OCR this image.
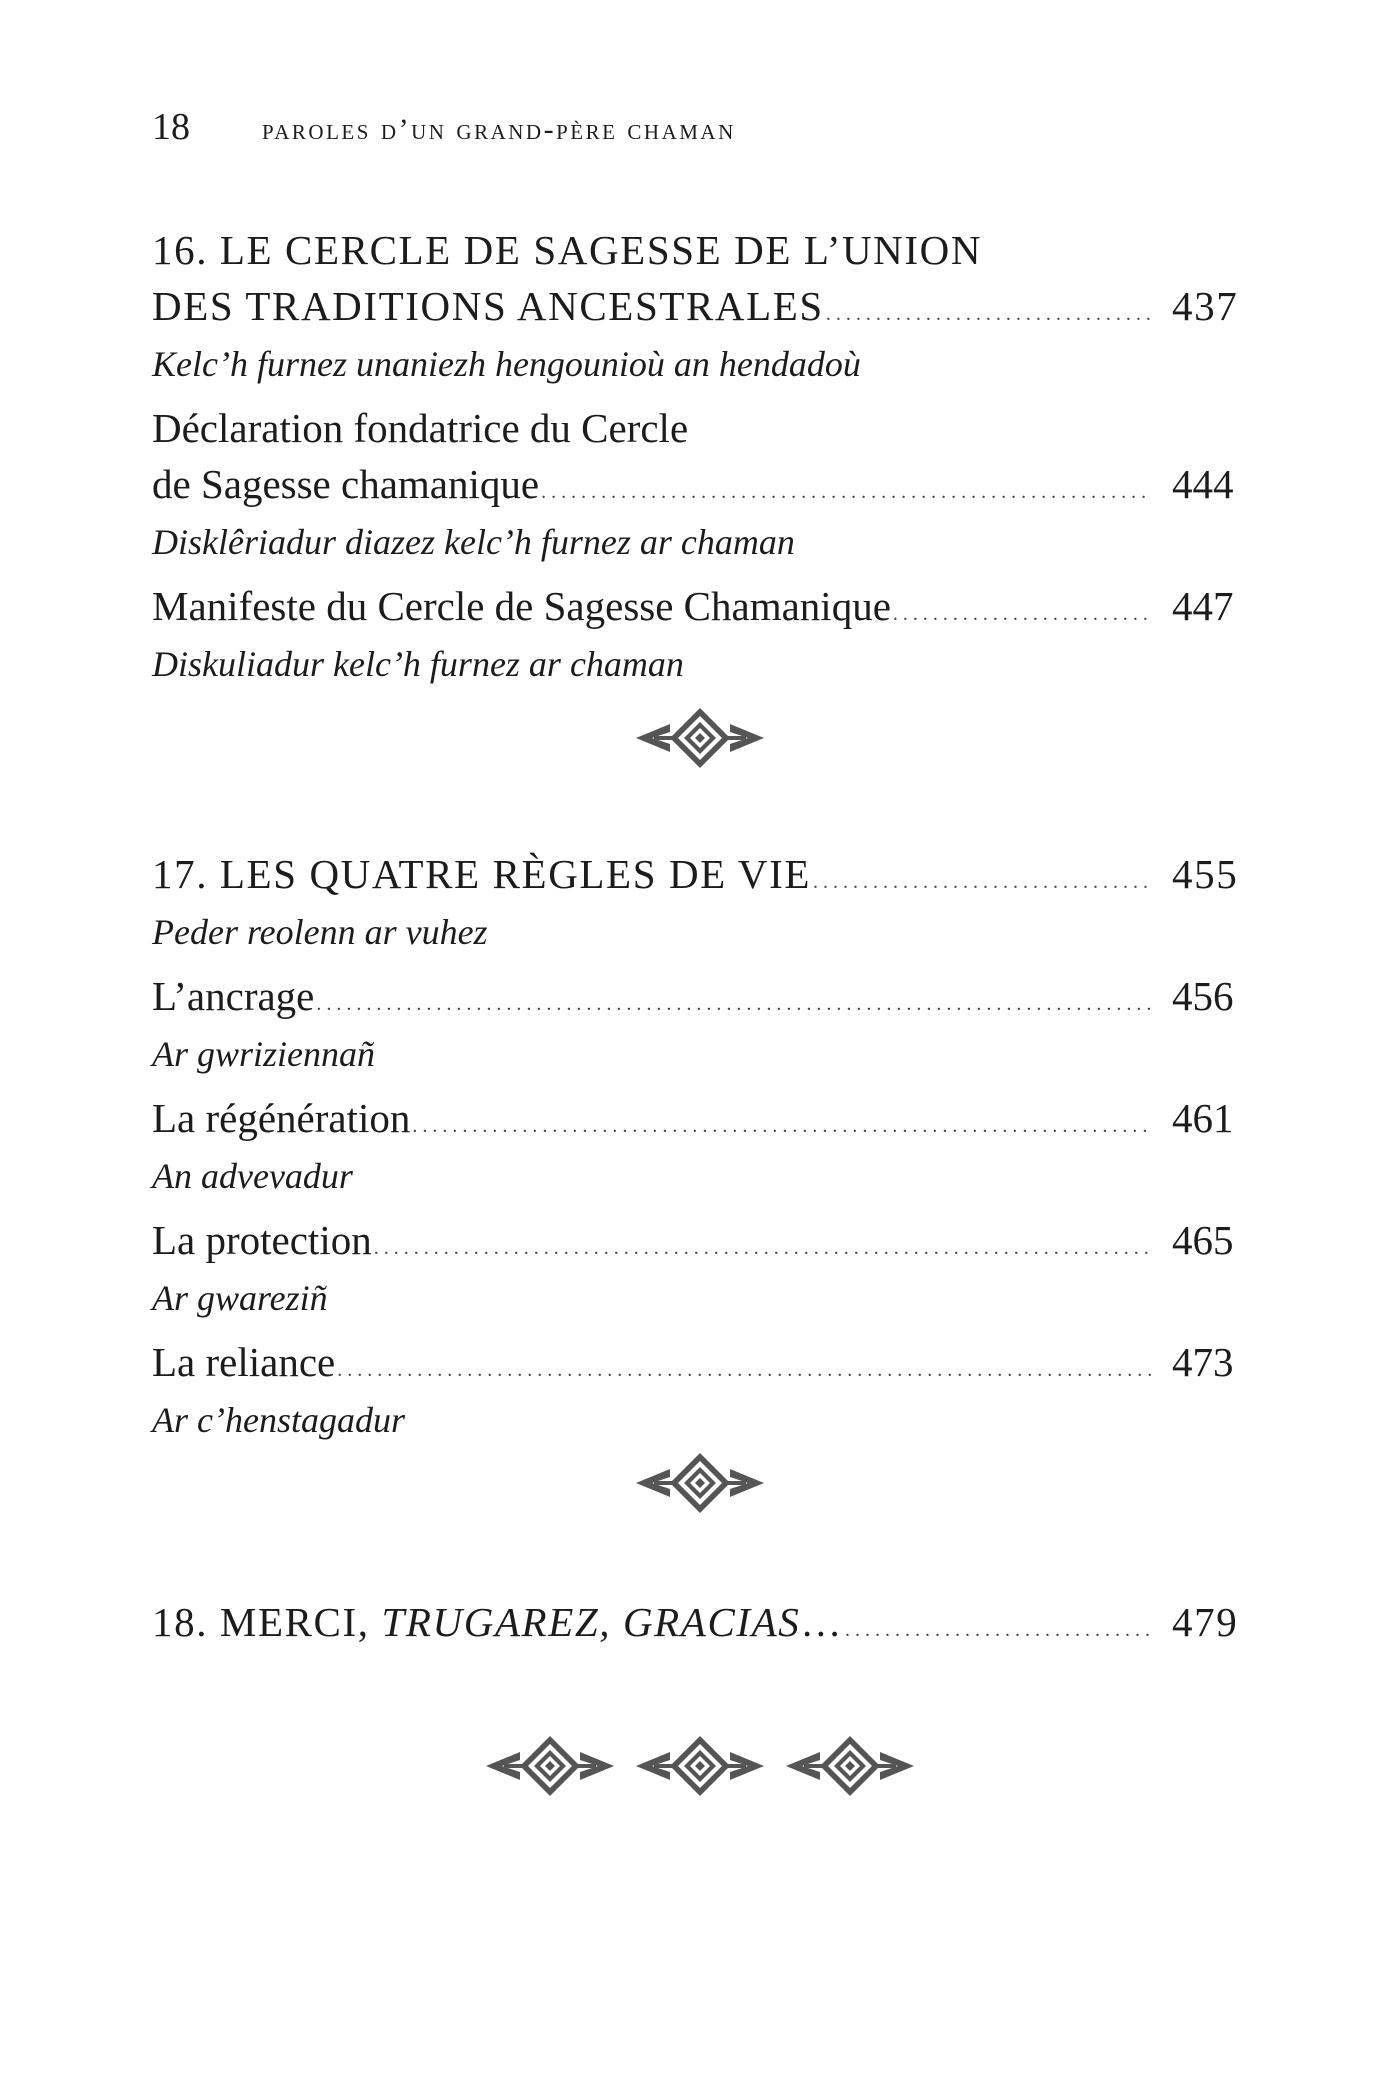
18 paroles d’un grand-père chaman
16. LE CERCLE DE SAGESSE DE L’UNION
DES TRADITIONS ANCESTRALES . . .	437
Kelc’h furnez unaniezh hengounioù an hendadoù
Déclaration fondatrice du Cercle
de Sagesse chamanique . . .	444
Disklêriadur diazez kelc’h furnez ar chaman
Manifeste du Cercle de Sagesse Chamanique . . .	447
Diskuliadur kelc’h furnez ar chaman
17. LES QUATRE RÈGLES DE VIE . . .	455
Peder reolenn ar vuhez
L’ancrage . . .	456
Ar gwriziennañ
La régénération . . .	461
An advevadur
La protection . . .	465
Ar gwareziñ
La reliance . . .	473
Ar c’henstagadur
18. MERCI, TRUGAREZ, GRACIAS… . . .	479
